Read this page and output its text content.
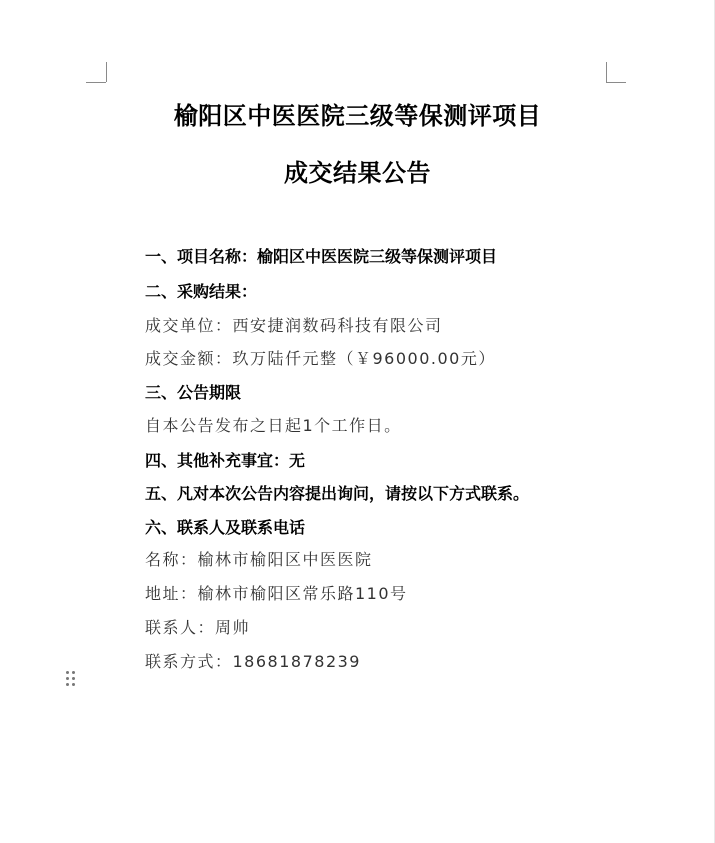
榆阳区中医医院三级等保测评项目
成交结果公告
一、项目名称：榆阳区中医医院三级等保测评项目
二、采购结果：
成交单位：西安捷润数码科技有限公司
成交金额：玖万陆仟元整（￥96000.00元）
三、公告期限
自本公告发布之日起1个工作日。
四、其他补充事宜：无
五、凡对本次公告内容提出询问，请按以下方式联系。
六、联系人及联系电话
名称：榆林市榆阳区中医医院
地址：榆林市榆阳区常乐路110号
联系人：周帅
联系方式：18681878239
